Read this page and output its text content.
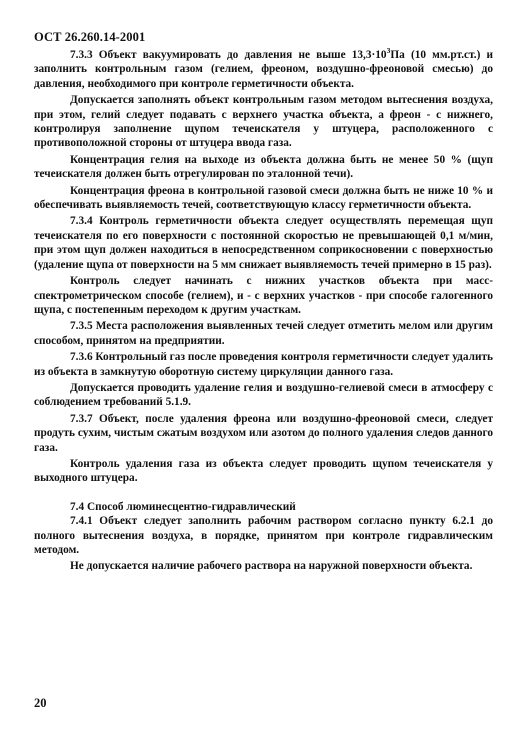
ОСТ 26.260.14-2001

7.3.3 Объект вакуумировать до давления не выше $13,3\cdot 10^3Па$ (10 мм.рт.ст.) и заполнить контрольным газом (гелием, фреоном, воздушно-фреоновой смесью) до давления, необходимого при контроле герметичности объекта.

Допускается заполнять объект контрольным газом методом вытеснения воздуха, при этом, гелий следует подавать с верхнего участка объекта, а фреон - с нижнего, контролируя заполнение щупом течеискателя у штуцера, расположенного с противоположной стороны от штуцера ввода газа.

Концентрация гелия на выходе из объекта должна быть не менее 50 % (щуп течеискателя должен быть отрегулирован по эталонной течи).

Концентрация фреона в контрольной газовой смеси должна быть не ниже 10 % и обеспечивать выявляемость течей, соответствующую классу герметичности объекта.

7.3.4 Контроль герметичности объекта следует осуществлять перемещая щуп течеискателя по его поверхности с постоянной скоростью не превышающей 0,1 м/мин, при этом щуп должен находиться в непосредственном соприкосновении с поверхностью (удаление щупа от поверхности на 5 мм снижает выявляемость течей примерно в 15 раз).

Контроль следует начинать с нижних участков объекта при масс-спектрометрическом способе (гелием), и - с верхних участков - при способе галогенного щупа, с постепенным переходом к другим участкам.

7.3.5 Места расположения выявленных течей следует отметить мелом или другим способом, принятом на предприятии.

7.3.6 Контрольный газ после проведения контроля герметичности следует удалить из объекта в замкнутую оборотную систему циркуляции данного газа.

Допускается проводить удаление гелия и воздушно-гелиевой смеси в атмосферу с соблюдением требований 5.1.9.

7.3.7 Объект, после удаления фреона или воздушно-фреоновой смеси, следует продуть сухим, чистым сжатым воздухом или азотом до полного удаления следов данного газа.

Контроль удаления газа из объекта следует проводить щупом течеискателя у выходного штуцера.

7.4 Способ люминесцентно-гидравлический

7.4.1 Объект следует заполнить рабочим раствором согласно пункту 6.2.1 до полного вытеснения воздуха, в порядке, принятом при контроле гидравлическим методом.

Не допускается наличие рабочего раствора на наружной поверхности объекта.

20
